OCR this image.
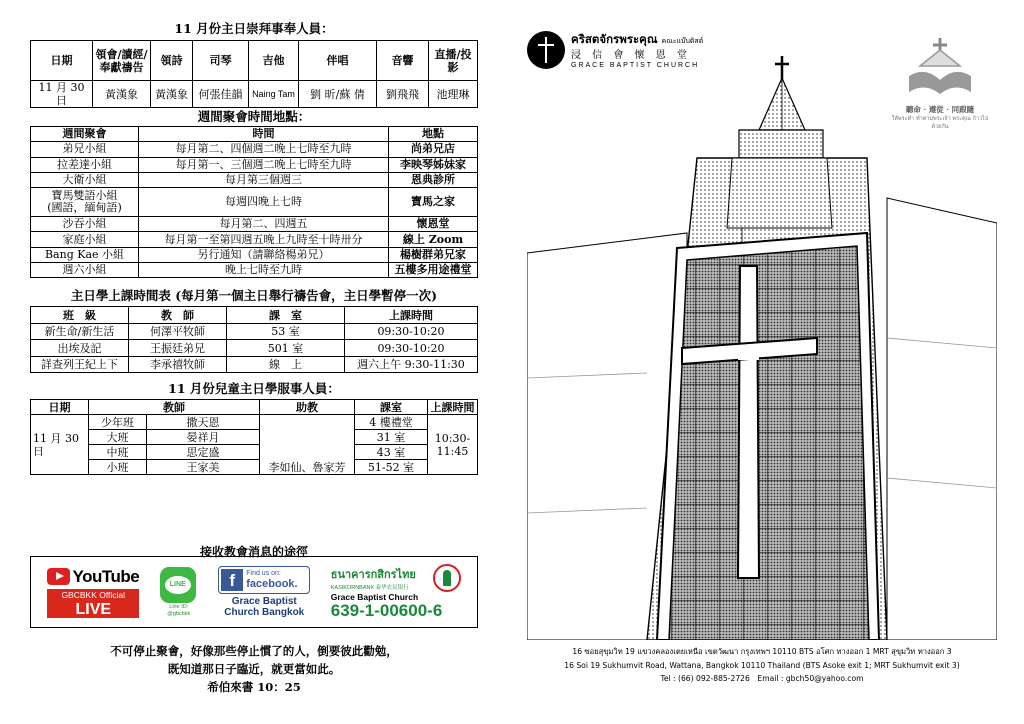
11 月份主日崇拜事奉人員：
日期	領會/讀經/奉獻禱告	領詩	司琴	吉他	伴唱	音響	直播/投影
11 月 30 日	黃漢象	黃漢象	何張佳韻	Naing Tam	劉 昕/蘇 倩	劉飛飛	池理琳
週間聚會時間地點：
週間聚會	時間	地點
弟兄小組	每月第二、四個週二晚上七時至九時	尚弟兄店
拉差達小組	每月第一、三個週二晚上七時至九時	李映琴姊妹家
大衛小組	每月第三個週三	恩典診所
寶馬雙語小組
(國語，緬甸語)	每週四晚上七時	寶馬之家
沙吞小組	每月第二、四週五	懷恩堂
家庭小組	每月第一至第四週五晚上九時至十時卅分	線上 Zoom
Bang Kae 小組	另行通知（請聯絡楊弟兄）	楊樹群弟兄家
週六小組	晚上七時至九時	五樓多用途禮堂
主日學上課時間表 (每月第一個主日舉行禱告會，主日學暫停一次)
班　級	教　師	課　室	上課時間
新生命/新生活	何澤平牧師	53 室	09:30-10:20
出埃及記	王振廷弟兄	501 室	09:30-10:20
詳查列王紀上下	李承禧牧師	線　上	週六上午 9:30-11:30
11 月份兒童主日學服事人員：
日期	教師		助教	課室	上課時間
11 月 30 日	少年班	撒天恩	李如仙、魯家芳	4 樓禮堂	10:30-11:45
	大班	晏祥月		31 室	
	中班	思定盛		43 室	
	小班	王家美		51-52 室	
接收教會消息的途徑
YouTube
GBCBKK Official
LIVE
LINE
Line ID:
@gbcbkk
f	Find us on:
facebook.
Grace Baptist
Church Bangkok
ธนาคารกสิกรไทย
KASIKORNBANK 泰华农民银行
Grace Baptist Church
639-1-00600-6
不可停止聚會，好像那些停止慣了的人，倒要彼此勸勉，
既知道那日子臨近，就更當如此。
希伯來書 10：25
คริสตจักรพระคุณ คณะแบ๊บติสต์
浸 信 會 懷 恩 堂
GRACE BAPTIST CHURCH
聽命 · 遵從 · 同跟隨
ให้พระคำ ทำตามพระเจ้า พระคุณ ก้าวไปด้วยกัน
16 ซอยสุขุมวิท 19 แขวงคลองเตยเหนือ เขตวัฒนา กรุงเทพฯ 10110 BTS อโศก ทางออก 1 MRT สุขุมวิท ทางออก 3
16 Soi 19 Sukhumvit Road, Wattana, Bangkok 10110 Thailand (BTS Asoke exit 1; MRT Sukhumvit exit 3)
Tel : (66) 092-885-2726　Email : gbch50@yahoo.com
